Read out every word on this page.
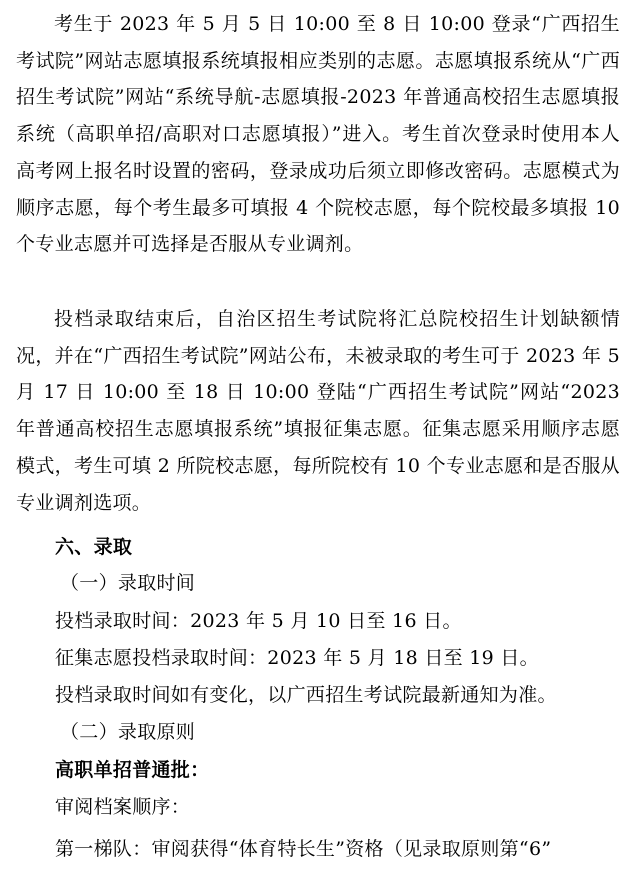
考生于 2023 年 5 月 5 日 10:00 至 8 日 10:00 登录“广西招生考试院”网站志愿填报系统填报相应类别的志愿。志愿填报系统从“广西招生考试院”网站“系统导航-志愿填报-2023 年普通高校招生志愿填报系统（高职单招/高职对口志愿填报）”进入。考生首次登录时使用本人高考网上报名时设置的密码，登录成功后须立即修改密码。志愿模式为顺序志愿，每个考生最多可填报 4 个院校志愿，每个院校最多填报 10 个专业志愿并可选择是否服从专业调剂。

投档录取结束后，自治区招生考试院将汇总院校招生计划缺额情况，并在“广西招生考试院”网站公布，未被录取的考生可于 2023 年 5 月 17 日 10:00 至 18 日 10:00 登陆“广西招生考试院”网站“2023 年普通高校招生志愿填报系统”填报征集志愿。征集志愿采用顺序志愿模式，考生可填 2 所院校志愿，每所院校有 10 个专业志愿和是否服从专业调剂选项。

六、录取

（一）录取时间

投档录取时间：2023 年 5 月 10 日至 16 日。

征集志愿投档录取时间：2023 年 5 月 18 日至 19 日。

投档录取时间如有变化，以广西招生考试院最新通知为准。

（二）录取原则

高职单招普通批：

审阅档案顺序：

第一梯队：审阅获得“体育特长生”资格（见录取原则第“6”
